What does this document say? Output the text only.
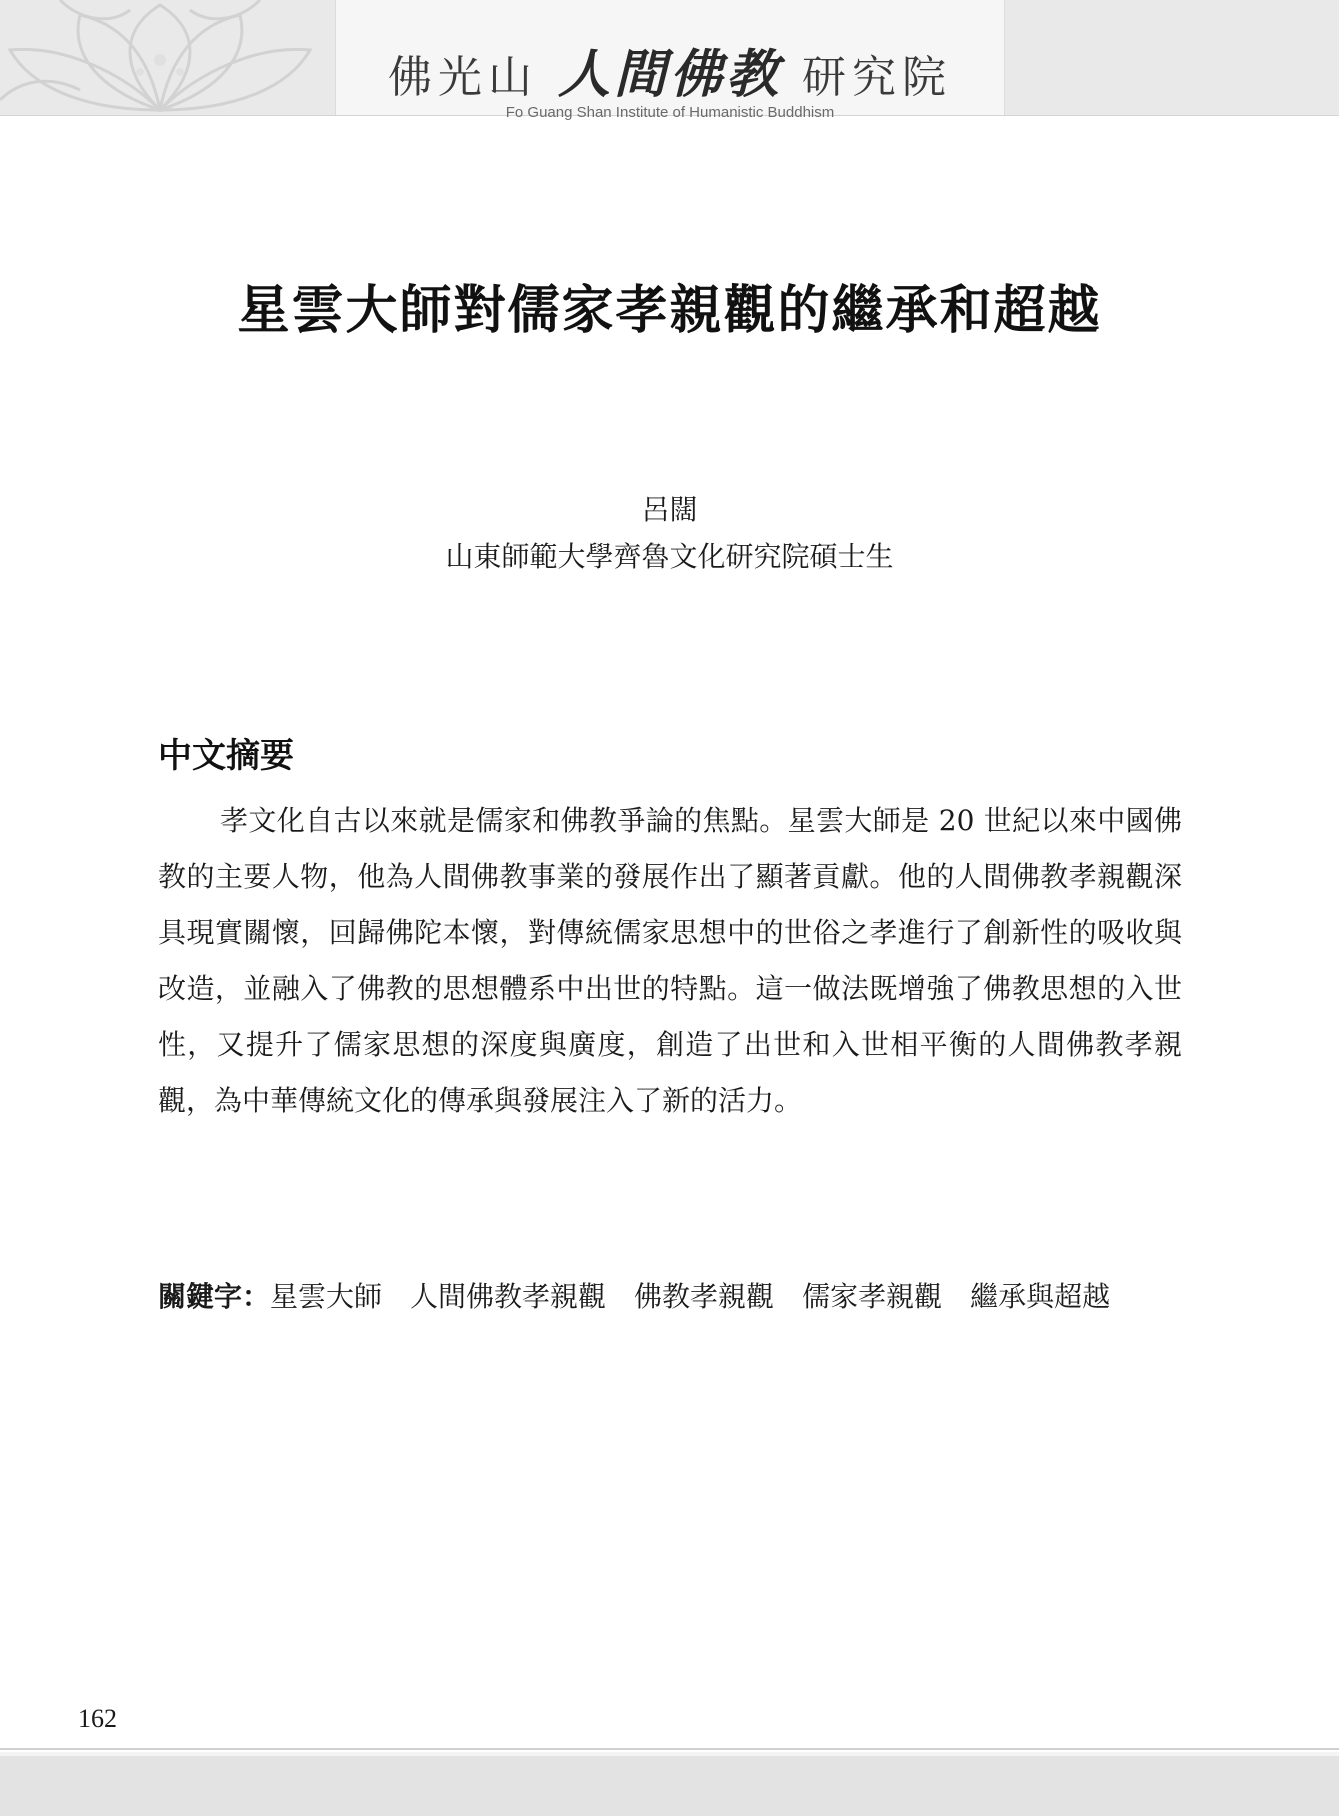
佛光山 人間佛教 研究院
Fo Guang Shan Institute of Humanistic Buddhism
星雲大師對儒家孝親觀的繼承和超越
呂闊
山東師範大學齊魯文化研究院碩士生
中文摘要

孝文化自古以來就是儒家和佛教爭論的焦點。星雲大師是 20 世紀以來中國佛教的主要人物，他為人間佛教事業的發展作出了顯著貢獻。他的人間佛教孝親觀深具現實關懷，回歸佛陀本懷，對傳統儒家思想中的世俗之孝進行了創新性的吸收與改造，並融入了佛教的思想體系中出世的特點。這一做法既增強了佛教思想的入世性，又提升了儒家思想的深度與廣度，創造了出世和入世相平衡的人間佛教孝親觀，為中華傳統文化的傳承與發展注入了新的活力。

關鍵字：星雲大師 人間佛教孝親觀 佛教孝親觀 儒家孝親觀 繼承與超越
162
